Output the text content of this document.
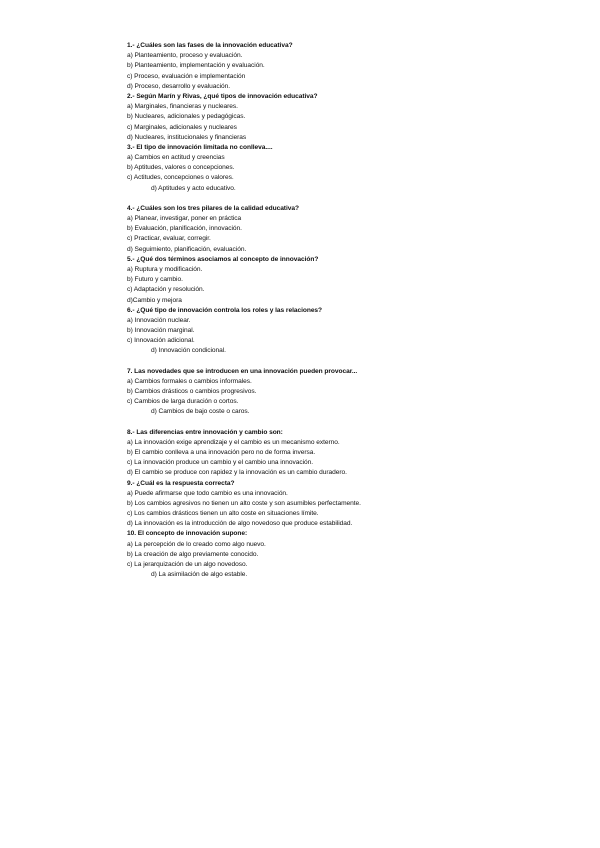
1.- ¿Cuáles son las fases de la innovación educativa?
a) Planteamiento, proceso y evaluación.
b) Planteamiento, implementación y evaluación.
c) Proceso, evaluación e implementación
d) Proceso, desarrollo y evaluación.
2.- Según Marín y Rivas, ¿qué tipos de innovación educativa?
a) Marginales, financieras y nucleares.
b) Nucleares, adicionales y pedagógicas.
c) Marginales, adicionales y nucleares
d) Nucleares, institucionales y financieras
3.- El tipo de innovación limitada no conlleva....
a) Cambios en actitud y creencias
b) Aptitudes, valores o concepciones.
c) Actitudes, concepciones o valores.
d) Aptitudes y acto educativo.
4.- ¿Cuáles son los tres pilares de la calidad educativa?
a) Planear, investigar, poner en práctica
b) Evaluación, planificación, innovación.
c) Practicar, evaluar, corregir.
d) Seguimiento, planificación, evaluación.
5.- ¿Qué dos términos asociamos al concepto de innovación?
a) Ruptura y modificación.
b) Futuro y cambio.
c) Adaptación y resolución.
d)Cambio y mejora
6.- ¿Qué tipo de innovación controla los roles y las relaciones?
a) Innovación nuclear.
b) Innovación marginal.
c) Innovación adicional.
d) Innovación condicional.
7. Las novedades que se introducen en una innovación pueden provocar...
a) Cambios formales o cambios informales.
b) Cambios drásticos o cambios progresivos.
c) Cambios de larga duración o cortos.
d) Cambios de bajo coste o caros.
8.- Las diferencias entre innovación y cambio son:
a) La innovación exige aprendizaje y el cambio es un mecanismo externo.
b) El cambio conlleva a una innovación pero no de forma inversa.
c) La innovación produce un cambio y el cambio una innovación.
d) El cambio se produce con rapidez y la innovación es un cambio duradero.
9.- ¿Cuál es la respuesta correcta?
a) Puede afirmarse que todo cambio es una innovación.
b) Los cambios agresivos no tienen un alto coste y son asumibles perfectamente.
c) Los cambios drásticos tienen un alto coste en situaciones límite.
d) La innovación es la introducción de algo novedoso que produce estabilidad.
10. El concepto de innovación supone:
a) La percepción de lo creado como algo nuevo.
b) La creación de algo previamente conocido.
c) La jerarquización de un algo novedoso.
d) La asimilación de algo estable.
